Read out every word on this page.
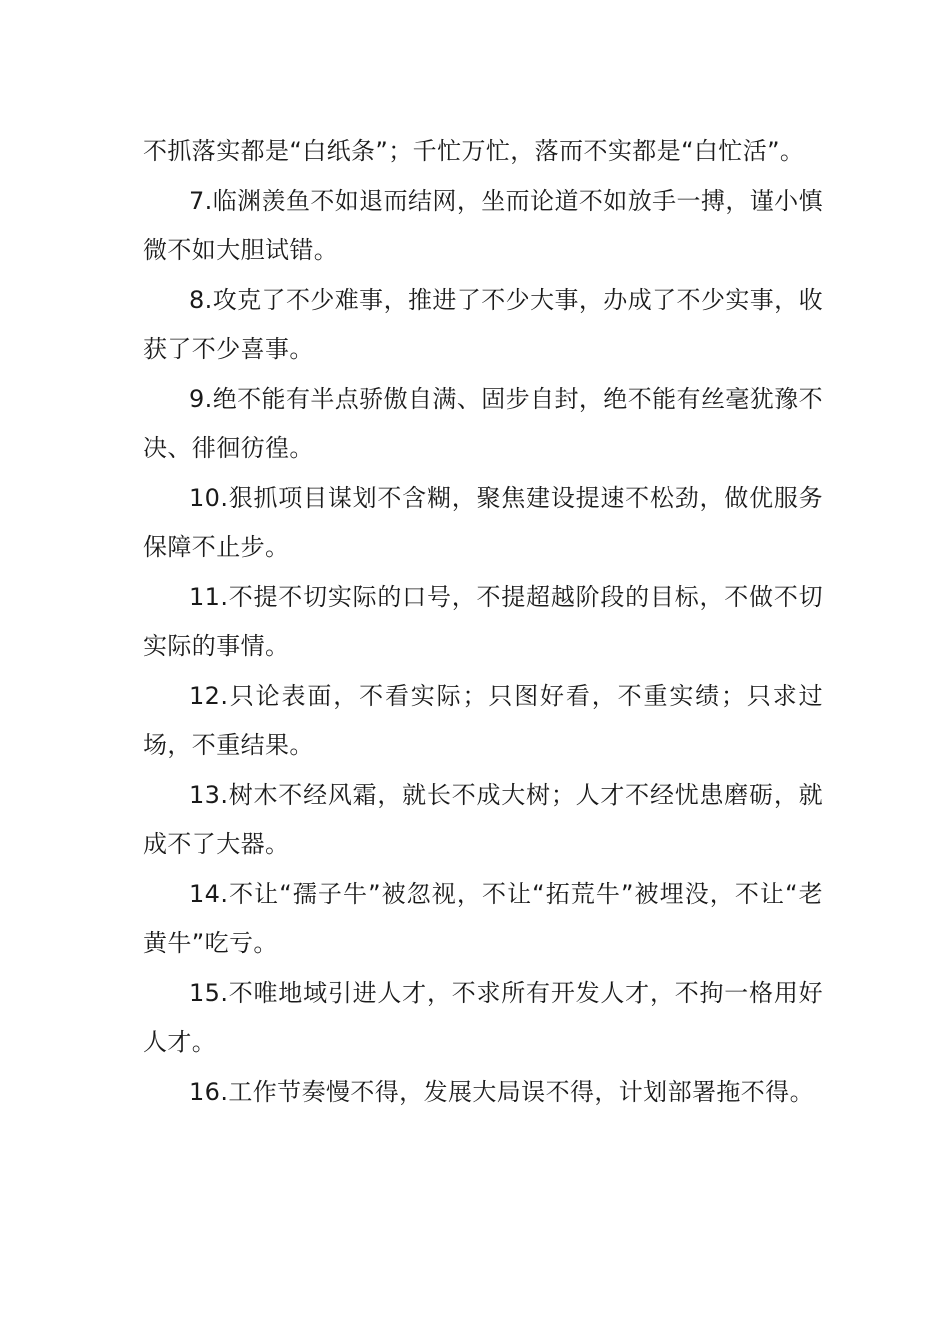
不抓落实都是“白纸条”；千忙万忙，落而不实都是“白忙活”。

7.临渊羡鱼不如退而结网，坐而论道不如放手一搏，谨小慎微不如大胆试错。

8.攻克了不少难事，推进了不少大事，办成了不少实事，收获了不少喜事。

9.绝不能有半点骄傲自满、固步自封，绝不能有丝毫犹豫不决、徘徊彷徨。

10.狠抓项目谋划不含糊，聚焦建设提速不松劲，做优服务保障不止步。

11.不提不切实际的口号，不提超越阶段的目标，不做不切实际的事情。

12.只论表面，不看实际；只图好看，不重实绩；只求过场，不重结果。

13.树木不经风霜，就长不成大树；人才不经忧患磨砺，就成不了大器。

14.不让“孺子牛”被忽视，不让“拓荒牛”被埋没，不让“老黄牛”吃亏。

15.不唯地域引进人才，不求所有开发人才，不拘一格用好人才。

16.工作节奏慢不得，发展大局误不得，计划部署拖不得。
